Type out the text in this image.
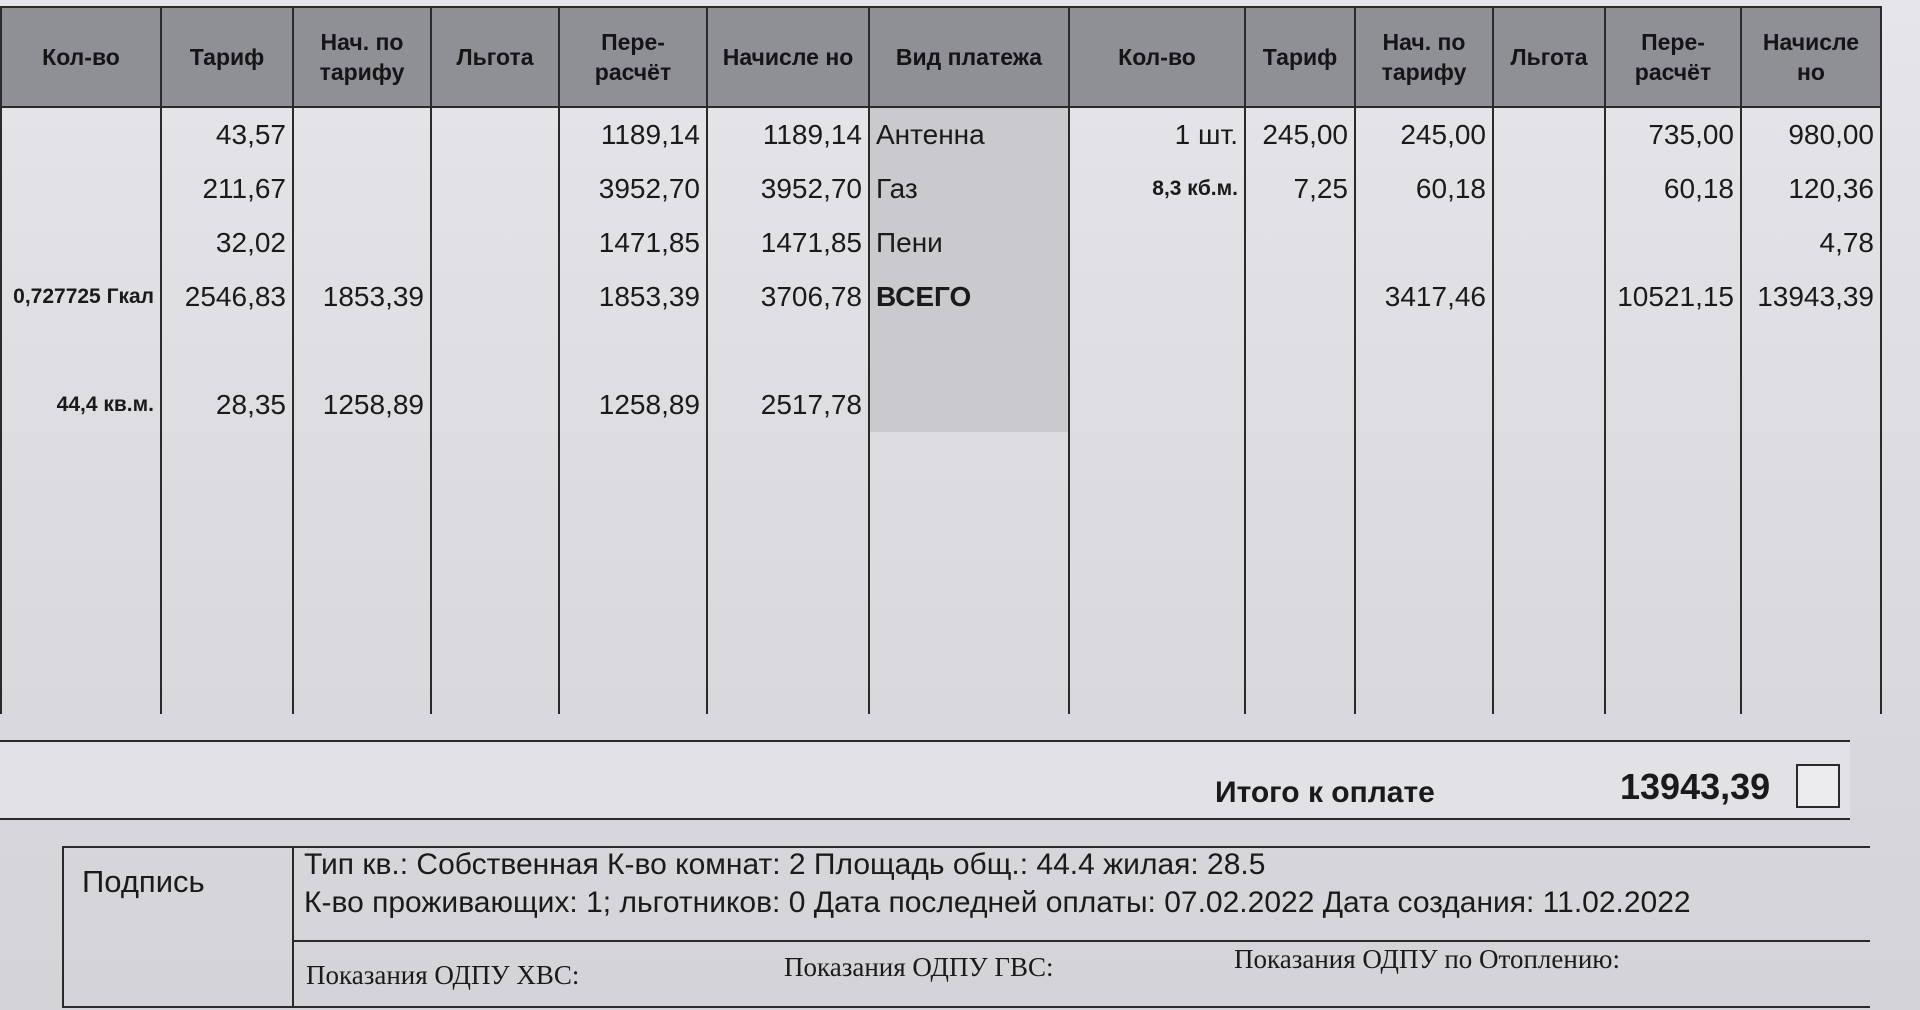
Кол-во	Тариф	Нач. по тарифу	Льгота	Пере-расчёт	Начисле но	Вид платежа	Кол-во	Тариф	Нач. по тарифу	Льгота	Пере-расчёт	Начисле но
	43,57			1189,14	1189,14	Антенна	1 шт.	245,00	245,00		735,00	980,00
	211,67			3952,70	3952,70	Газ	8,3 кб.м.	7,25	60,18		60,18	120,36
	32,02			1471,85	1471,85	Пени						4,78
0,727725 Гкал	2546,83	1853,39		1853,39	3706,78	ВСЕГО			3417,46		10521,15	13943,39

44,4 кв.м.	28,35	1258,89		1258,89	2517,78							

Итого к оплате	13943,39
Подпись	Тип кв.: Собственная К-во комнат: 2 Площадь общ.: 44.4 жилая: 28.5
К-во проживающих: 1; льготников: 0 Дата последней оплаты: 07.02.2022 Дата создания: 11.02.2022
Показания ОДПУ ХВС:	Показания ОДПУ ГВС:	Показания ОДПУ по Отоплению:
